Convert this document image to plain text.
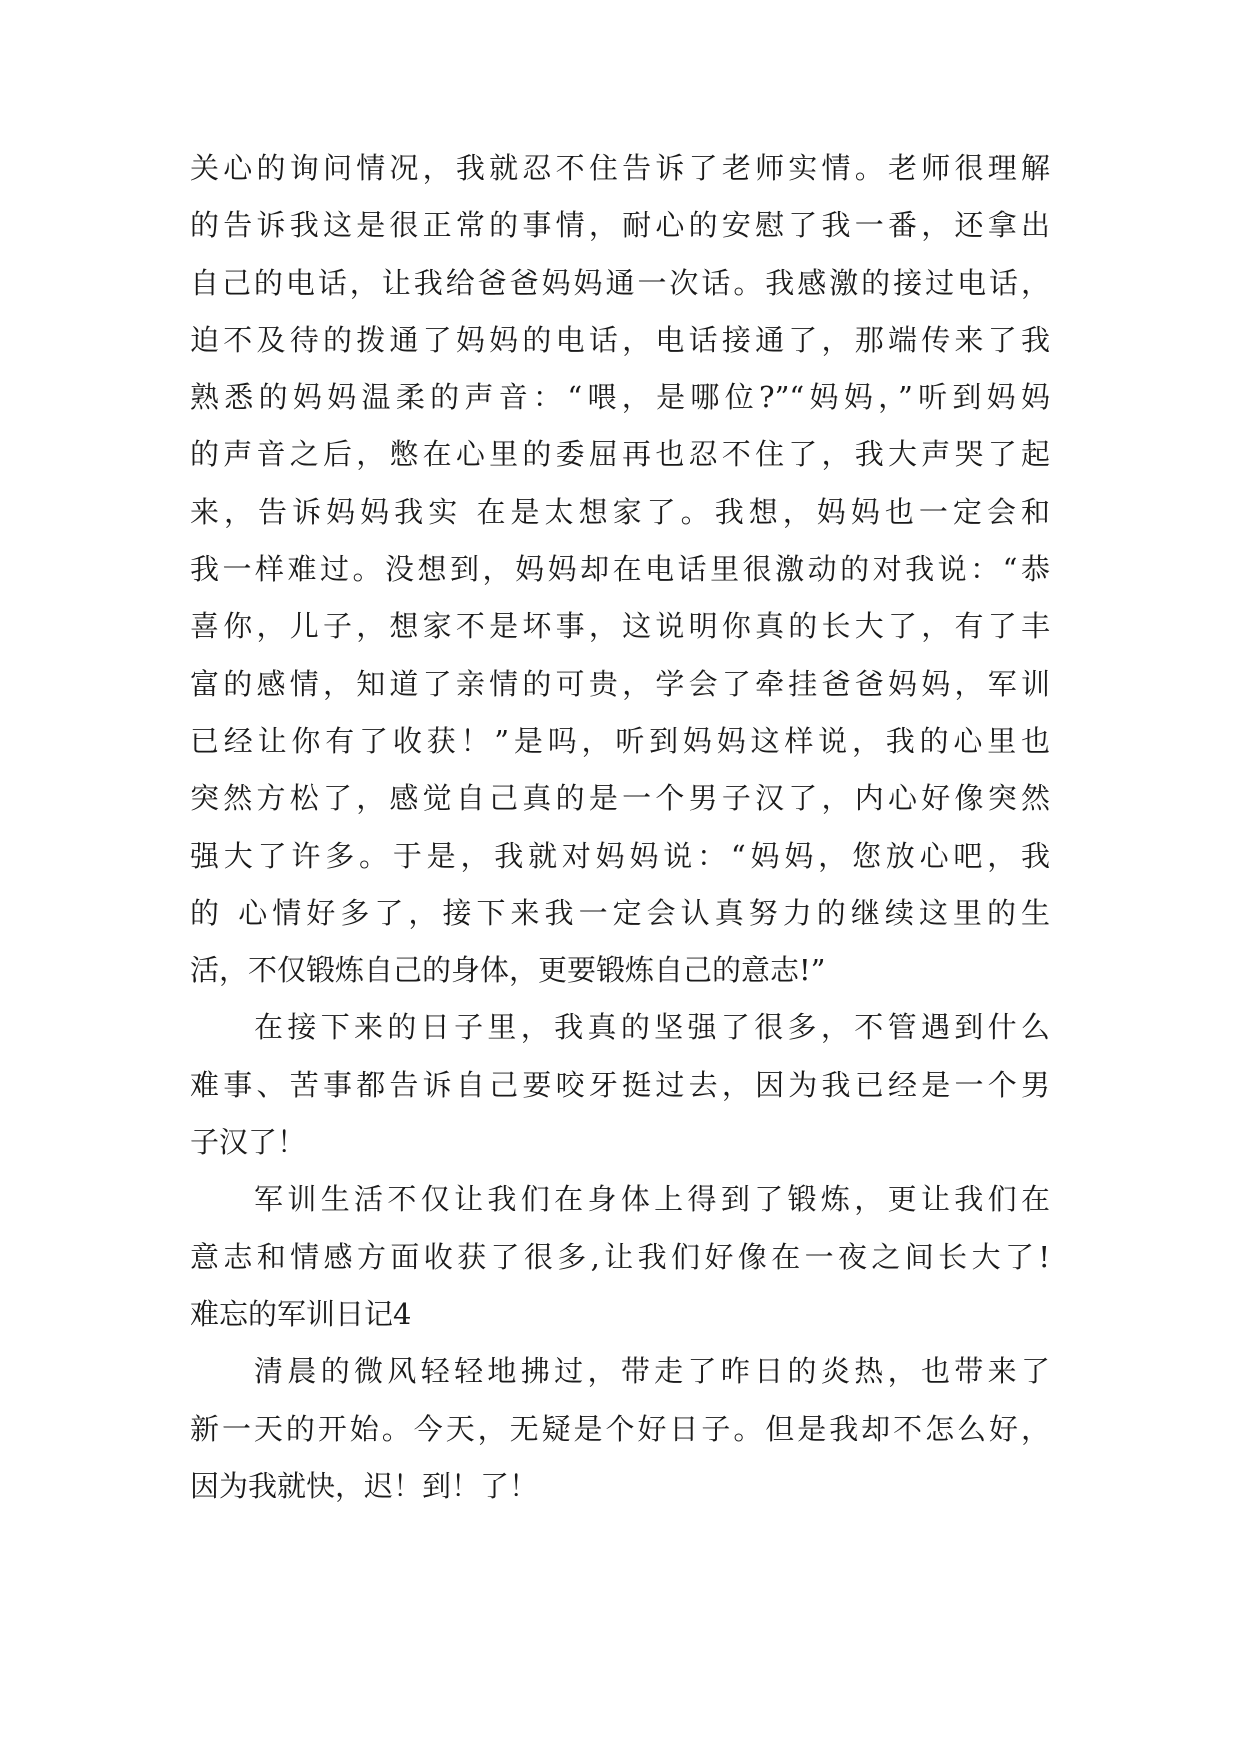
关心的询问情况，我就忍不住告诉了老师实情。老师很理解
的告诉我这是很正常的事情，耐心的安慰了我一番，还拿出
自己的电话，让我给爸爸妈妈通一次话。我感激的接过电话，
迫不及待的拨通了妈妈的电话，电话接通了，那端传来了我
熟悉的妈妈温柔的声音：“喂，是哪位?”“妈妈，”听到妈妈
的声音之后，憋在心里的委屈再也忍不住了，我大声哭了起
来，告诉妈妈我实 在是太想家了。我想，妈妈也一定会和
我一样难过。没想到，妈妈却在电话里很激动的对我说：“恭
喜你，儿子，想家不是坏事，这说明你真的长大了，有了丰
富的感情，知道了亲情的可贵，学会了牵挂爸爸妈妈，军训
已经让你有了收获！”是吗，听到妈妈这样说，我的心里也
突然方松了，感觉自己真的是一个男子汉了，内心好像突然
强大了许多。于是，我就对妈妈说：“妈妈，您放心吧，我
的 心情好多了，接下来我一定会认真努力的继续这里的生
活，不仅锻炼自己的身体，更要锻炼自己的意志!”
在接下来的日子里，我真的坚强了很多，不管遇到什么
难事、苦事都告诉自己要咬牙挺过去，因为我已经是一个男
子汉了！
军训生活不仅让我们在身体上得到了锻炼，更让我们在
意志和情感方面收获了很多,让我们好像在一夜之间长大了!
难忘的军训日记4
清晨的微风轻轻地拂过，带走了昨日的炎热，也带来了
新一天的开始。今天，无疑是个好日子。但是我却不怎么好，
因为我就快，迟！到！了！
